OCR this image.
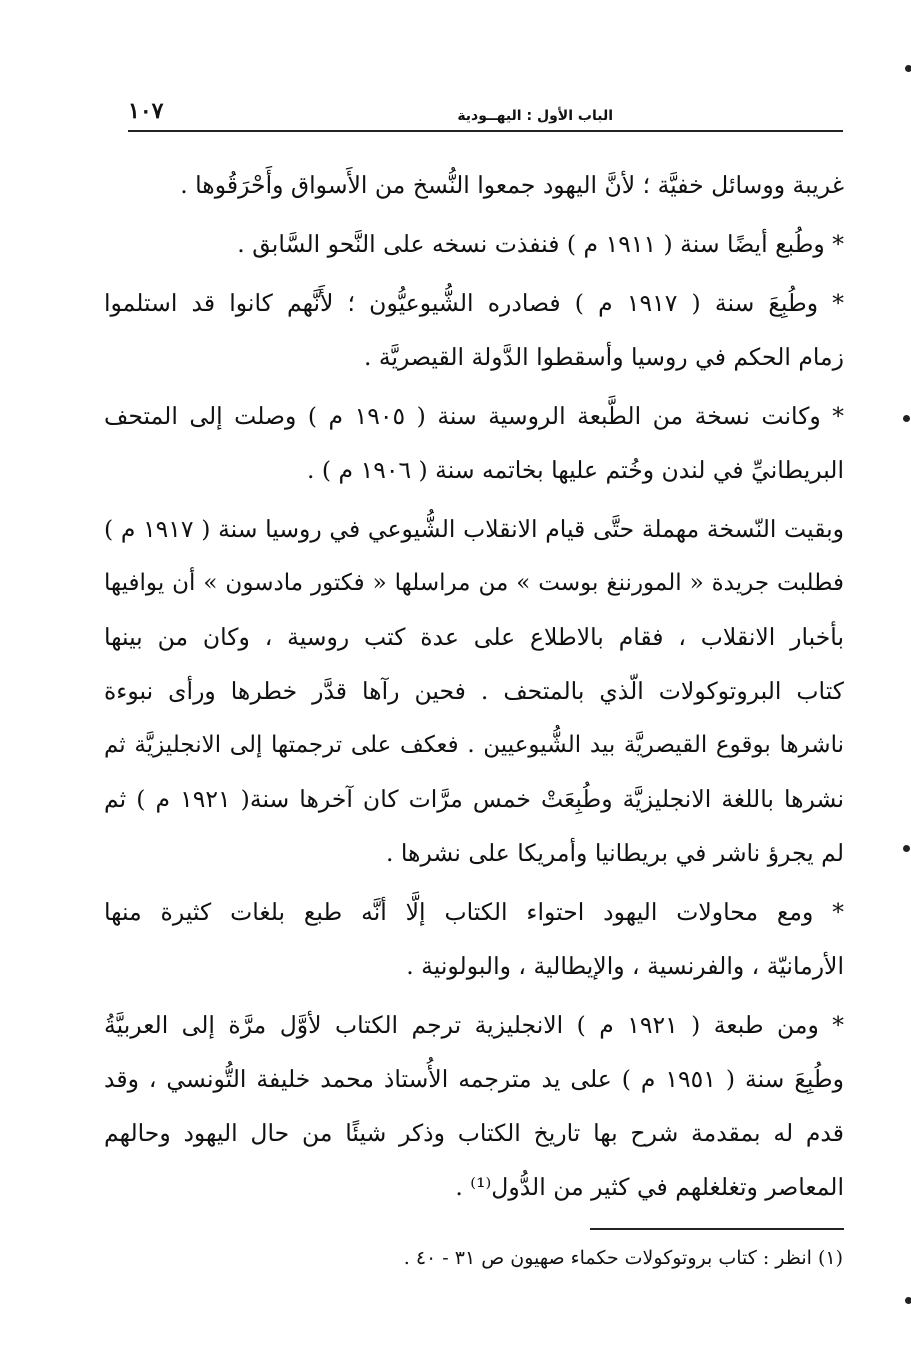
الباب الأول : اليهــودية
١٠٧

غريبة ووسائل خفيَّة ؛ لأنَّ اليهود جمعوا النُّسخ من الأَسواق وأَحْرَقُوها .

* وطُبع أيضًا سنة ( ١٩١١ م ) فنفذت نسخه على النَّحو السَّابق .

* وطُبِعَ سنة ( ١٩١٧ م ) فصادره الشُّيوعيُّون ؛ لأَنَّهم كانوا قد استلموا
زمام الحكم في روسيا وأسقطوا الدَّولة القيصريَّة .

* وكانت نسخة من الطَّبعة الروسية سنة ( ١٩٠٥ م ) وصلت إلى المتحف
البريطانيِّ في لندن وخُتم عليها بخاتمه سنة ( ١٩٠٦ م ) .

وبقيت النّسخة مهملة حتَّى قيام الانقلاب الشُّيوعي في روسيا سنة ( ١٩١٧ م )
فطلبت جريدة « المورننغ بوست » من مراسلها « فكتور مادسون » أن يوافيها
بأخبار الانقلاب ، فقام بالاطلاع على عدة كتب روسية ، وكان من بينها
كتاب البروتوكولات الّذي بالمتحف . فحين رآها قدَّر خطرها ورأى نبوءة
ناشرها بوقوع القيصريَّة بيد الشُّيوعيين . فعكف على ترجمتها إلى الانجليزيَّة ثم
نشرها باللغة الانجليزيَّة وطُبِعَتْ خمس مرَّات كان آخرها سنة( ١٩٢١ م ) ثم
لم يجرؤ ناشر في بريطانيا وأمريكا على نشرها .

* ومع محاولات اليهود احتواء الكتاب إلَّا أنَّه طبع بلغات كثيرة منها
الأرمانيّة ، والفرنسية ، والإيطالية ، والبولونية .

* ومن طبعة ( ١٩٢١ م ) الانجليزية ترجم الكتاب لأوَّل مرَّة إلى العربيَّةُ
وطُبِعَ سنة ( ١٩٥١ م ) على يد مترجمه الأُستاذ محمد خليفة التُّونسي ، وقد
قدم له بمقدمة شرح بها تاريخ الكتاب وذكر شيئًا من حال اليهود وحالهم
المعاصر وتغلغلهم في كثير من الدُّول⁽¹⁾ .

(١) انظر : كتاب بروتوكولات حكماء صهيون ص ٣١ - ٤٠ .
